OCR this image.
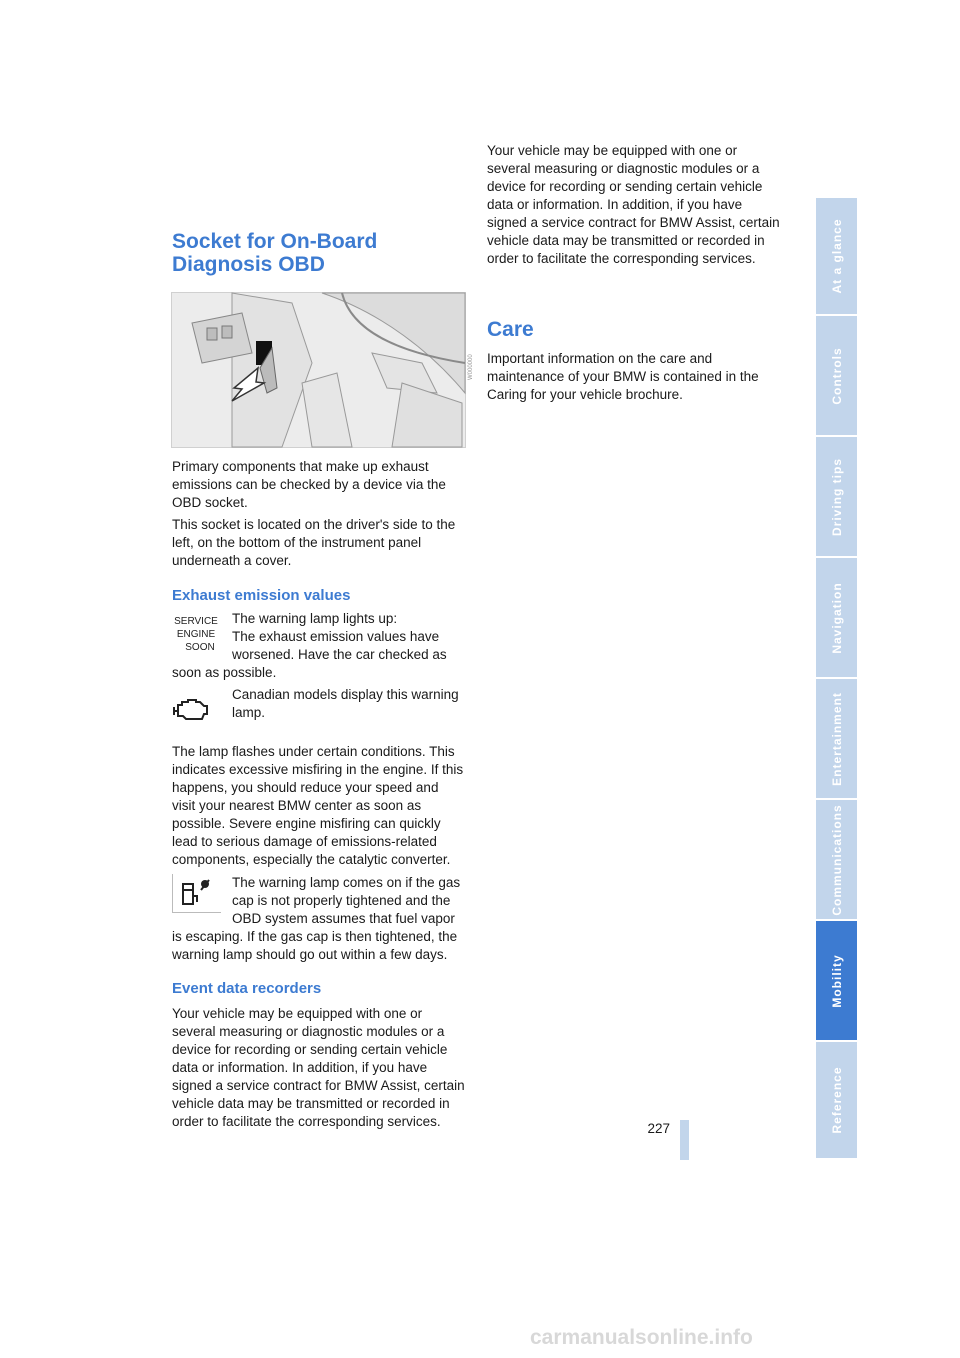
Socket for On-Board Diagnosis OBD
W000000

Primary components that make up exhaust emissions can be checked by a device via the OBD socket.

This socket is located on the driver's side to the left, on the bottom of the instrument panel underneath a cover.

Exhaust emission values
SERVICE
ENGINE
SOON

The warning lamp lights up:

The exhaust emission values have worsened. Have the car checked as soon as possible.

Canadian models display this warning lamp.

The lamp flashes under certain conditions. This indicates excessive misfiring in the engine. If this happens, you should reduce your speed and visit your nearest BMW center as soon as possible. Severe engine misfiring can quickly lead to serious damage of emissions-related components, especially the catalytic converter.

The warning lamp comes on if the gas cap is not properly tightened and the OBD system assumes that fuel vapor is escaping. If the gas cap is then tightened, the warning lamp should go out within a few days.
Event data recorders
Your vehicle may be equipped with one or several measuring or diagnostic modules or a device for recording or sending certain vehicle data or information. In addition, if you have signed a service contract for BMW Assist, certain vehicle data may be transmitted or recorded in order to facilitate the corresponding services.
Your vehicle may be equipped with one or several measuring or diagnostic modules or a device for recording or sending certain vehicle data or information. In addition, if you have signed a service contract for BMW Assist, certain vehicle data may be transmitted or recorded in order to facilitate the corresponding services.
Care

Important information on the care and maintenance of your BMW is contained in the Caring for your vehicle brochure.

At a glance
Controls
Driving tips
Navigation
Entertainment
Communications
Mobility
Reference
227
carmanualsonline.info
